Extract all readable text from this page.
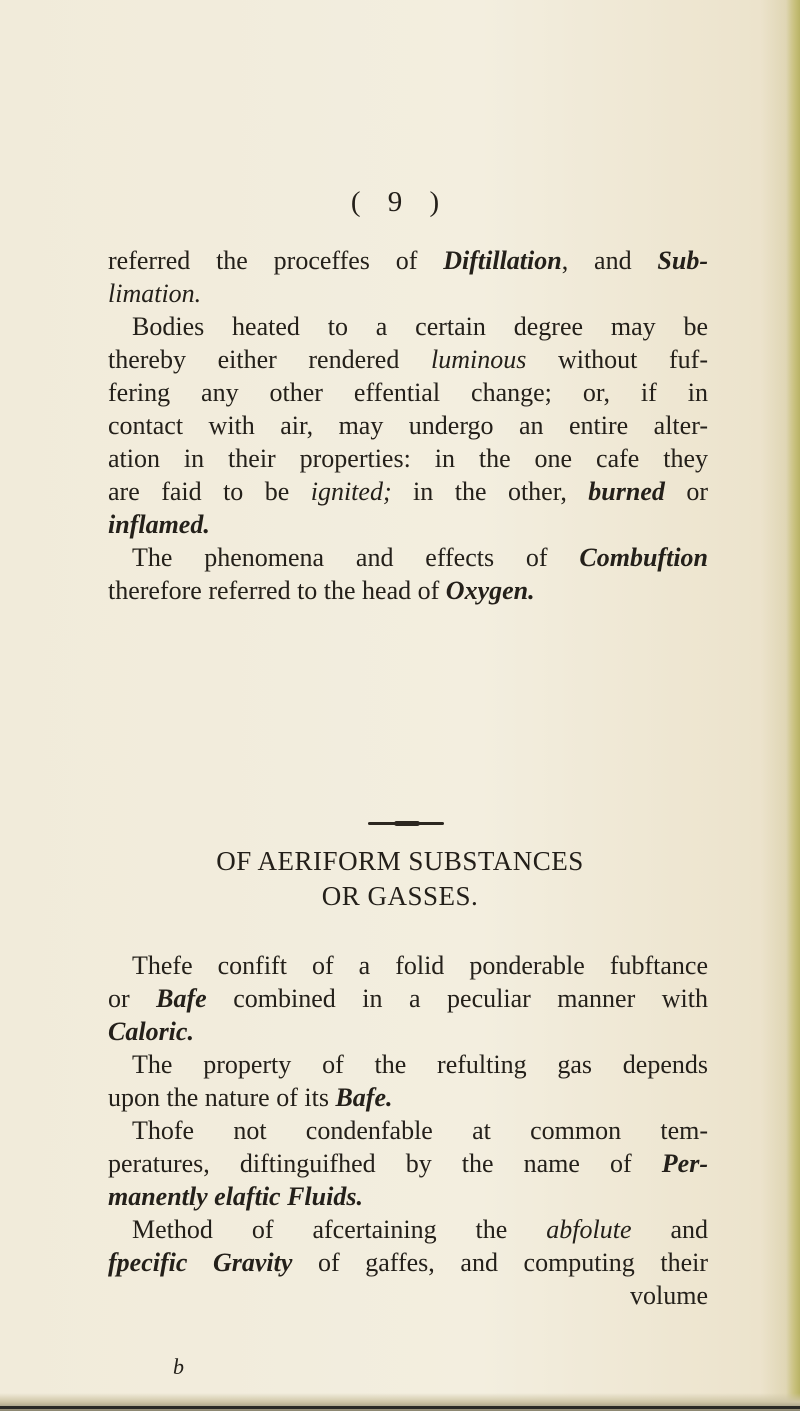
( 9 )
referred the proceffes of Diftillation, and Sub-
limation.
Bodies heated to a certain degree may be
thereby either rendered luminous without fuf-
fering any other effential change; or, if in
contact with air, may undergo an entire alter-
ation in their properties: in the one cafe they
are faid to be ignited; in the other, burned or
inflamed.
The phenomena and effects of Combuftion
therefore referred to the head of Oxygen.
OF AERIFORM SUBSTANCES
OR GASSES.
Thefe confift of a folid ponderable fubftance
or Bafe combined in a peculiar manner with
Caloric.
The property of the refulting gas depends
upon the nature of its Bafe.
Thofe not condenfable at common tem-
peratures, diftinguifhed by the name of Per-
manently elaftic Fluids.
Method of afcertaining the abfolute and
fpecific Gravity of gaffes, and computing their
volume
b
